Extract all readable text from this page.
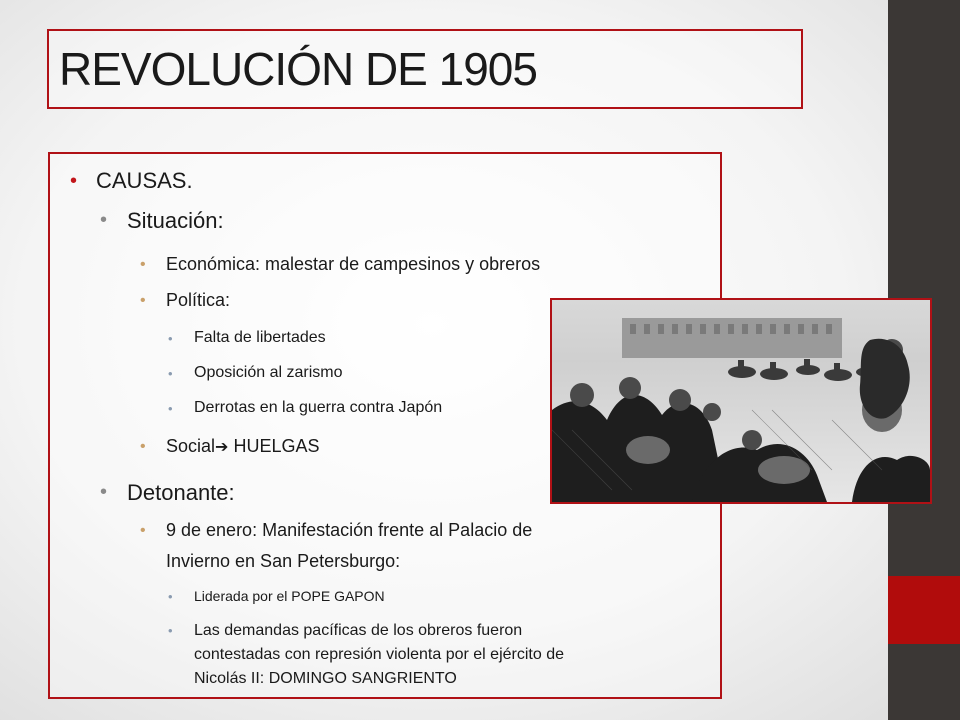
REVOLUCIÓN DE 1905
• CAUSAS.
• Situación:
• Económica: malestar de campesinos y obreros
• Política:
• Falta de libertades
• Oposición al zarismo
• Derrotas en la guerra contra Japón
• Social➔ HUELGAS
• Detonante:
• 9 de enero: Manifestación frente al Palacio de
Invierno en San Petersburgo:
• Liderada por el POPE GAPON
• Las demandas pacíficas de los obreros fueron
contestadas con represión violenta por el ejército de
Nicolás II: DOMINGO SANGRIENTO
